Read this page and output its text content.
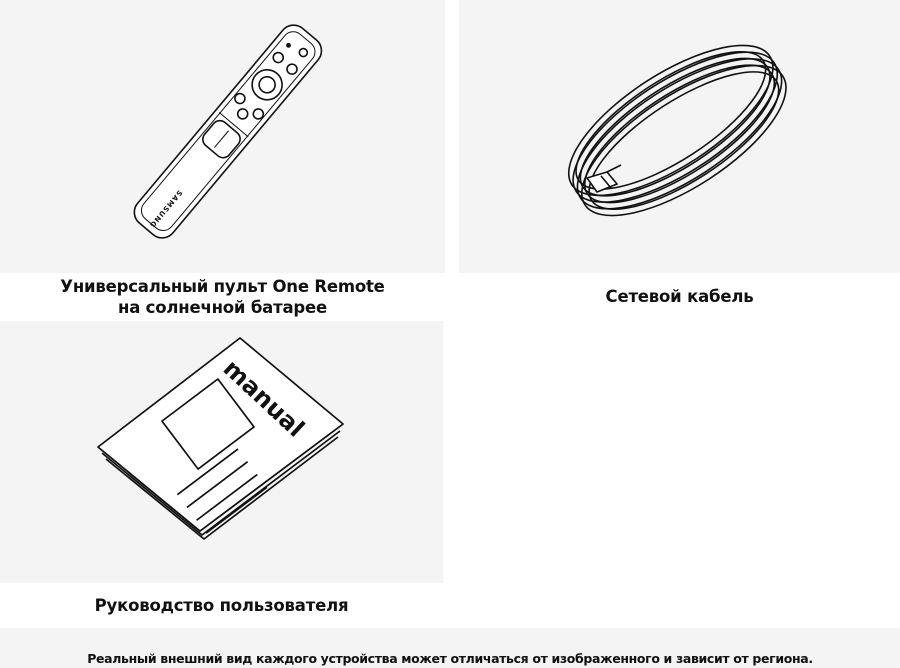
SAMSUNG
Универсальный пульт One Remote
на солнечной батарее
Сетевой кабель
manual
Руководство пользователя
Реальный внешний вид каждого устройства может отличаться от изображенного и зависит от региона.
